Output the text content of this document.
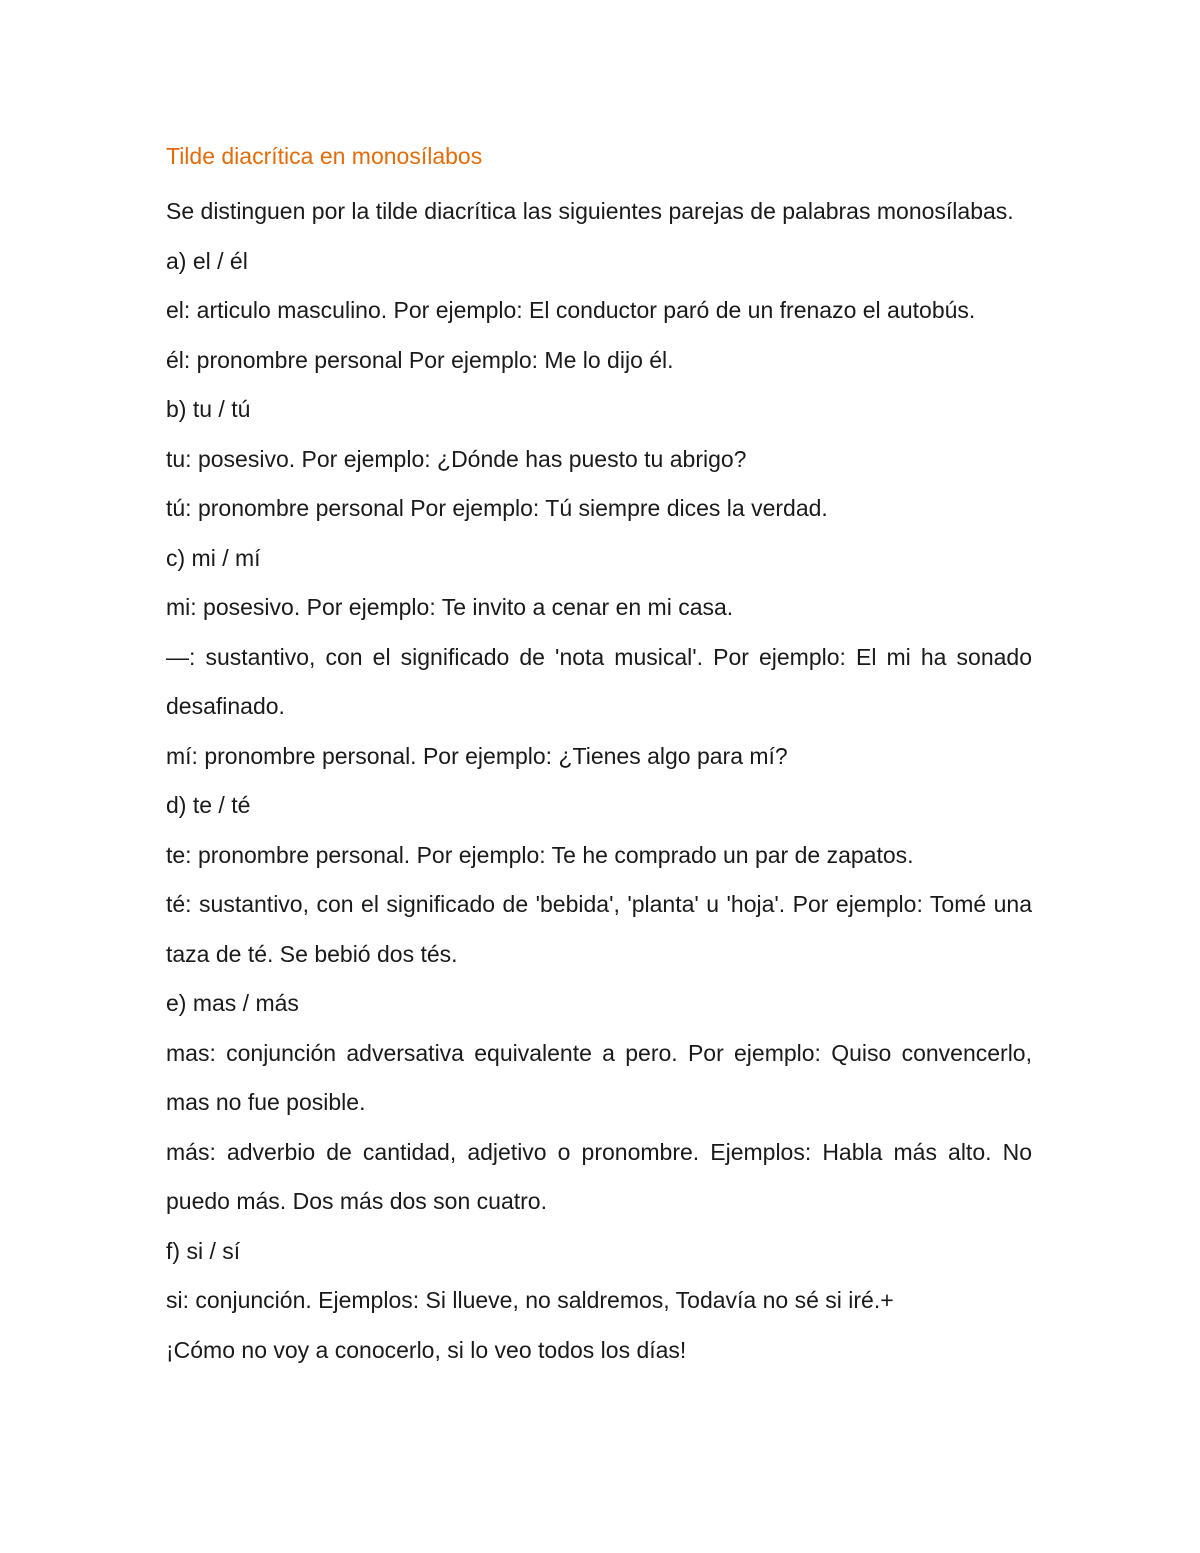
Tilde diacrítica en monosílabos

Se distinguen por la tilde diacrítica las siguientes parejas de palabras monosílabas.

a) el / él

el: articulo masculino. Por ejemplo: El conductor paró de un frenazo el autobús.

él: pronombre personal Por ejemplo: Me lo dijo él.

b) tu / tú

tu: posesivo. Por ejemplo: ¿Dónde has puesto tu abrigo?

tú: pronombre personal Por ejemplo: Tú siempre dices la verdad.

c) mi / mí

mi: posesivo. Por ejemplo: Te invito a cenar en mi casa.

—: sustantivo, con el significado de 'nota musical'. Por ejemplo: El mi ha sonado desafinado.

mí: pronombre personal. Por ejemplo: ¿Tienes algo para mí?

d) te / té

te: pronombre personal. Por ejemplo: Te he comprado un par de zapatos.

té: sustantivo, con el significado de 'bebida', 'planta' u 'hoja'. Por ejemplo: Tomé una taza de té. Se bebió dos tés.

e) mas / más

mas: conjunción adversativa equivalente a pero. Por ejemplo: Quiso convencerlo, mas no fue posible.

más: adverbio de cantidad, adjetivo o pronombre. Ejemplos: Habla más alto. No puedo más. Dos más dos son cuatro.

f) si / sí

si: conjunción. Ejemplos: Si llueve, no saldremos, Todavía no sé si iré.+

¡Cómo no voy a conocerlo, si lo veo todos los días!
